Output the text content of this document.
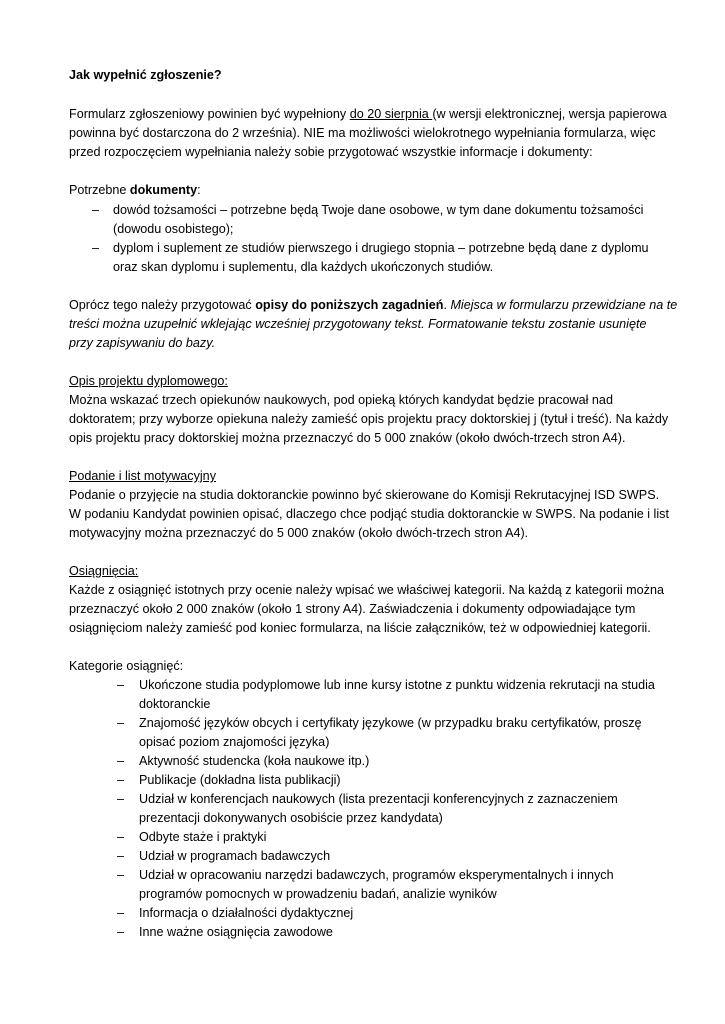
Jak wypełnić zgłoszenie?
Formularz zgłoszeniowy powinien być wypełniony do 20 sierpnia (w wersji elektronicznej, wersja papierowa
powinna być dostarczona do 2 września). NIE ma możliwości wielokrotnego wypełniania formularza, więc
przed rozpoczęciem wypełniania należy sobie przygotować wszystkie informacje i dokumenty:
Potrzebne dokumenty:
– dowód tożsamości – potrzebne będą Twoje dane osobowe, w tym dane dokumentu tożsamości
(dowodu osobistego);
– dyplom i suplement ze studiów pierwszego i drugiego stopnia – potrzebne będą dane z dyplomu
oraz skan dyplomu i suplementu, dla każdych ukończonych studiów.
Oprócz tego należy przygotować opisy do poniższych zagadnień. Miejsca w formularzu przewidziane na te
treści można uzupełnić wklejając wcześniej przygotowany tekst. Formatowanie tekstu zostanie usunięte
przy zapisywaniu do bazy.
Opis projektu dyplomowego:
Można wskazać trzech opiekunów naukowych, pod opieką których kandydat będzie pracował nad
doktoratem; przy wyborze opiekuna należy zamieść opis projektu pracy doktorskiej j (tytuł i treść). Na każdy
opis projektu pracy doktorskiej można przeznaczyć do 5 000 znaków (około dwóch-trzech stron A4).
Podanie i list motywacyjny
Podanie o przyjęcie na studia doktoranckie powinno być skierowane do Komisji Rekrutacyjnej ISD SWPS.
W podaniu Kandydat powinien opisać, dlaczego chce podjąć studia doktoranckie w SWPS. Na podanie i list
motywacyjny można przeznaczyć do 5 000 znaków (około dwóch-trzech stron A4).
Osiągnięcia:
Każde z osiągnięć istotnych przy ocenie należy wpisać we właściwej kategorii. Na każdą z kategorii można
przeznaczyć około 2 000 znaków (około 1 strony A4). Zaświadczenia i dokumenty odpowiadające tym
osiągnięciom należy zamieść pod koniec formularza, na liście załączników, też w odpowiedniej kategorii.
Kategorie osiągnięć:
– Ukończone studia podyplomowe lub inne kursy istotne z punktu widzenia rekrutacji na studia
doktoranckie
– Znajomość języków obcych i certyfikaty językowe (w przypadku braku certyfikatów, proszę
opisać poziom znajomości języka)
– Aktywność studencka (koła naukowe itp.)
– Publikacje (dokładna lista publikacji)
– Udział w konferencjach naukowych (lista prezentacji konferencyjnych z zaznaczeniem
prezentacji dokonywanych osobiście przez kandydata)
– Odbyte staże i praktyki
– Udział w programach badawczych
– Udział w opracowaniu narzędzi badawczych, programów eksperymentalnych i innych
programów pomocnych w prowadzeniu badań, analizie wyników
– Informacja o działalności dydaktycznej
– Inne ważne osiągnięcia zawodowe
